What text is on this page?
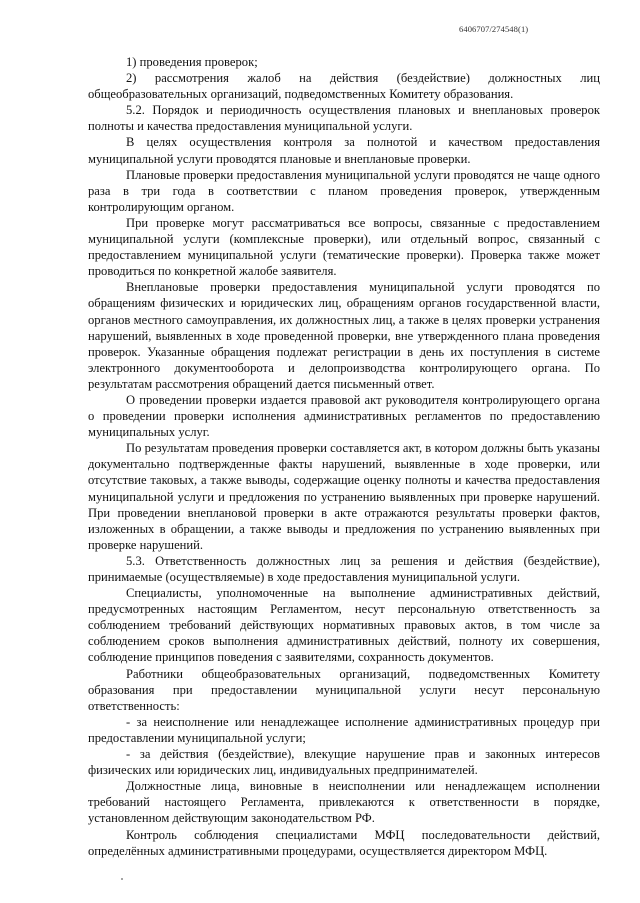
6406707/274548(1)

1) проведения проверок;

2) рассмотрения жалоб на действия (бездействие) должностных лиц общеобразовательных организаций, подведомственных Комитету образования.

5.2. Порядок и периодичность осуществления плановых и внеплановых проверок полноты и качества предоставления муниципальной услуги.

В целях осуществления контроля за полнотой и качеством предоставления муниципальной услуги проводятся плановые и внеплановые проверки.

Плановые проверки предоставления муниципальной услуги проводятся не чаще одного раза в три года в соответствии с планом проведения проверок, утвержденным контролирующим органом.

При проверке могут рассматриваться все вопросы, связанные с предоставлением муниципальной услуги (комплексные проверки), или отдельный вопрос, связанный с предоставлением муниципальной услуги (тематические проверки). Проверка также может проводиться по конкретной жалобе заявителя.

Внеплановые проверки предоставления муниципальной услуги проводятся по обращениям физических и юридических лиц, обращениям органов государственной власти, органов местного самоуправления, их должностных лиц, а также в целях проверки устранения нарушений, выявленных в ходе проведенной проверки, вне утвержденного плана проведения проверок. Указанные обращения подлежат регистрации в день их поступления в системе электронного документооборота и делопроизводства контролирующего органа. По результатам рассмотрения обращений дается письменный ответ.

О проведении проверки издается правовой акт руководителя контролирующего органа о проведении проверки исполнения административных регламентов по предоставлению муниципальных услуг.

По результатам проведения проверки составляется акт, в котором должны быть указаны документально подтвержденные факты нарушений, выявленные в ходе проверки, или отсутствие таковых, а также выводы, содержащие оценку полноты и качества предоставления муниципальной услуги и предложения по устранению выявленных при проверке нарушений. При проведении внеплановой проверки в акте отражаются результаты проверки фактов, изложенных в обращении, а также выводы и предложения по устранению выявленных при проверке нарушений.

5.3. Ответственность должностных лиц за решения и действия (бездействие), принимаемые (осуществляемые) в ходе предоставления муниципальной услуги.

Специалисты, уполномоченные на выполнение административных действий, предусмотренных настоящим Регламентом, несут персональную ответственность за соблюдением требований действующих нормативных правовых актов, в том числе за соблюдением сроков выполнения административных действий, полноту их совершения, соблюдение принципов поведения с заявителями, сохранность документов.

Работники общеобразовательных организаций, подведомственных Комитету образования при предоставлении муниципальной услуги несут персональную ответственность:

- за неисполнение или ненадлежащее исполнение административных процедур при предоставлении муниципальной услуги;

- за действия (бездействие), влекущие нарушение прав и законных интересов физических или юридических лиц, индивидуальных предпринимателей.

Должностные лица, виновные в неисполнении или ненадлежащем исполнении требований настоящего Регламента, привлекаются к ответственности в порядке, установленном действующим законодательством РФ.

Контроль соблюдения специалистами МФЦ последовательности действий, определённых административными процедурами, осуществляется директором МФЦ.
